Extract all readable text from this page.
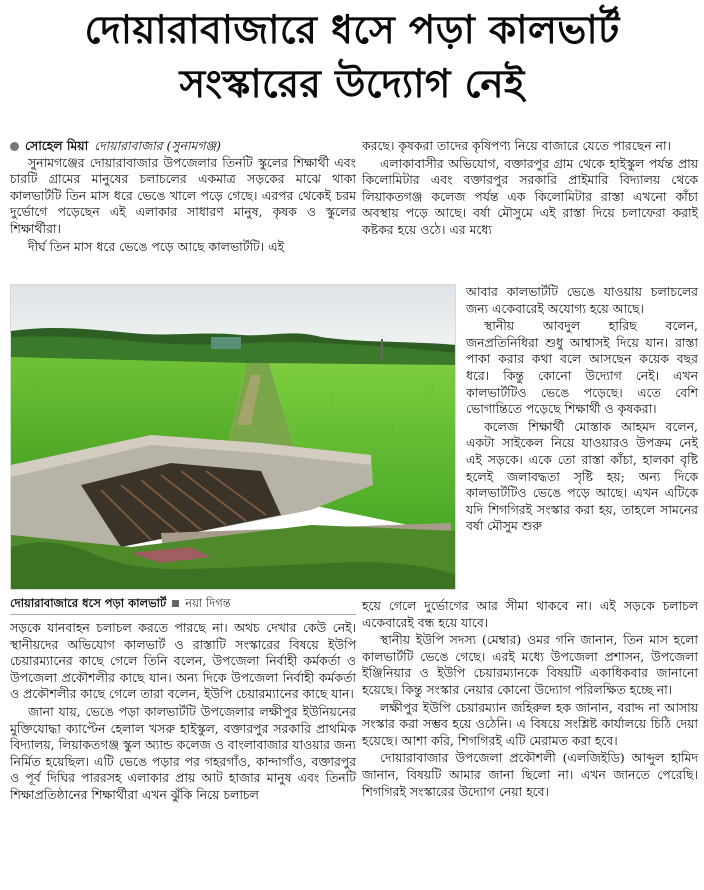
দোয়ারাবাজারে ধসে পড়া কালভার্ট
সংস্কারের উদ্যোগ নেই
সোহেল মিয়া দোয়ারাবাজার (সুনামগঞ্জ)

সুনামগঞ্জের দোয়ারাবাজার উপজেলার তিনটি স্কুলের শিক্ষার্থী এবং চারটি গ্রামের মানুষের চলাচলের একমাত্র সড়কের মাঝে থাকা কালভার্টটি তিন মাস ধরে ভেঙে খালে পড়ে গেছে। এরপর থেকেই চরম দুর্ভোগে পড়েছেন এই এলাকার সাধারণ মানুষ, কৃষক ও স্কুলের শিক্ষার্থীরা।

দীর্ঘ তিন মাস ধরে ভেঙে পড়ে আছে কালভার্টটি। এই

করছে। কৃষকরা তাদের কৃষিপণ্য নিয়ে বাজারে যেতে পারছেন না।

এলাকাবাসীর অভিযোগ, বক্তারপুর গ্রাম থেকে হাইস্কুল পর্যন্ত প্রায় কিলোমিটার এবং বক্তারপুর সরকারি প্রাইমারি বিদ্যালয় থেকে লিয়াকতগঞ্জ কলেজ পর্যন্ত এক কিলোমিটার রাস্তা এখনো কাঁচা অবস্থায় পড়ে আছে। বর্ষা মৌসুমে এই রাস্তা দিয়ে চলাফেরা করাই কষ্টকর হয়ে ওঠে। এর মধ্যে

আবার কালভার্টটি ভেঙে যাওয়ায় চলাচলের জন্য একেবারেই অযোগ্য হয়ে আছে।

স্থানীয় আবদুল হারিছ বলেন, জনপ্রতিনিধিরা শুধু আশ্বাসই দিয়ে যান। রাস্তা পাকা করার কথা বলে আসছেন কয়েক বছর ধরে। কিন্তু কোনো উদ্যোগ নেই। এখন কালভার্টটিও ভেঙে পড়েছে। এতে বেশি ভোগান্তিতে পড়েছে শিক্ষার্থী ও কৃষকরা।

কলেজ শিক্ষার্থী মোস্তাক আহমদ বলেন, একটা সাইকেল নিয়ে যাওয়ারও উপক্রম নেই এই সড়কে। একে তো রাস্তা কাঁচা, হালকা বৃষ্টি হলেই জলাবদ্ধতা সৃষ্টি হয়; অন্য দিকে কালভার্টটিও ভেঙে পড়ে আছে। এখন এটিকে যদি শিগগিরই সংস্কার করা হয়, তাহলে সামনের বর্ষা মৌসুম শুরু

দোয়ারাবাজারে ধসে পড়া কালভার্ট নয়া দিগন্ত

সড়কে যানবাহন চলাচল করতে পারছে না। অথচ দেখার কেউ নেই। স্থানীয়দের অভিযোগ কালভার্ট ও রাস্তাটি সংস্কারের বিষয়ে ইউপি চেয়ারম্যানের কাছে গেলে তিনি বলেন, উপজেলা নির্বাহী কর্মকর্তা ও উপজেলা প্রকৌশলীর কাছে যান। অন্য দিকে উপজেলা নির্বাহী কর্মকর্তা ও প্রকৌশলীর কাছে গেলে তারা বলেন, ইউপি চেয়ারম্যানের কাছে যান।

জানা যায়, ভেঙে পড়া কালভার্টটি উপজেলার লক্ষীপুর ইউনিয়নের মুক্তিযোদ্ধা ক্যাপ্টেন হেলাল খসরু হাইস্কুল, বক্তারপুর সরকারি প্রাথমিক বিদ্যালয়, লিয়াকতগঞ্জ স্কুল অ্যান্ড কলেজ ও বাংলাবাজার যাওয়ার জন্য নির্মিত হয়েছিল। এটি ভেঙে পড়ার পর গহরগাঁও, কান্দাগাঁও, বক্তারপুর ও পূর্ব দিঘির পাররসহ এলাকার প্রায় আট হাজার মানুষ এবং তিনটি শিক্ষাপ্রতিষ্ঠানের শিক্ষার্থীরা এখন ঝুঁকি নিয়ে চলাচল

হয়ে গেলে দুর্ভোগের আর সীমা থাকবে না। এই সড়কে চলাচল একেবারেই বন্ধ হয়ে যাবে।

স্থানীয় ইউপি সদস্য (মেম্বার) ওমর গনি জানান, তিন মাস হলো কালভার্টটি ভেঙে গেছে। এরই মধ্যে উপজেলা প্রশাসন, উপজেলা ইঞ্জিনিয়ার ও ইউপি চেয়ারম্যানকে বিষয়টি একাধিকবার জানানো হয়েছে। কিন্তু সংস্কার নেয়ার কোনো উদ্যোগ পরিলক্ষিত হচ্ছে না।

লক্ষীপুর ইউপি চেয়ারম্যান জহিরুল হক জানান, বরাদ্দ না আসায় সংস্কার করা সম্ভব হয়ে ওঠেনি। এ বিষয়ে সংশ্লিষ্ট কার্যালয়ে চিঠি দেয়া হয়েছে। আশা করি, শিগগিরই এটি মেরামত করা হবে।

দোয়ারাবাজার উপজেলা প্রকৌশলী (এলজিইডি) আব্দুল হামিদ জানান, বিষয়টি আমার জানা ছিলো না। এখন জানতে পেরেছি। শিগগিরই সংস্কারের উদ্যোগ নেয়া হবে।
